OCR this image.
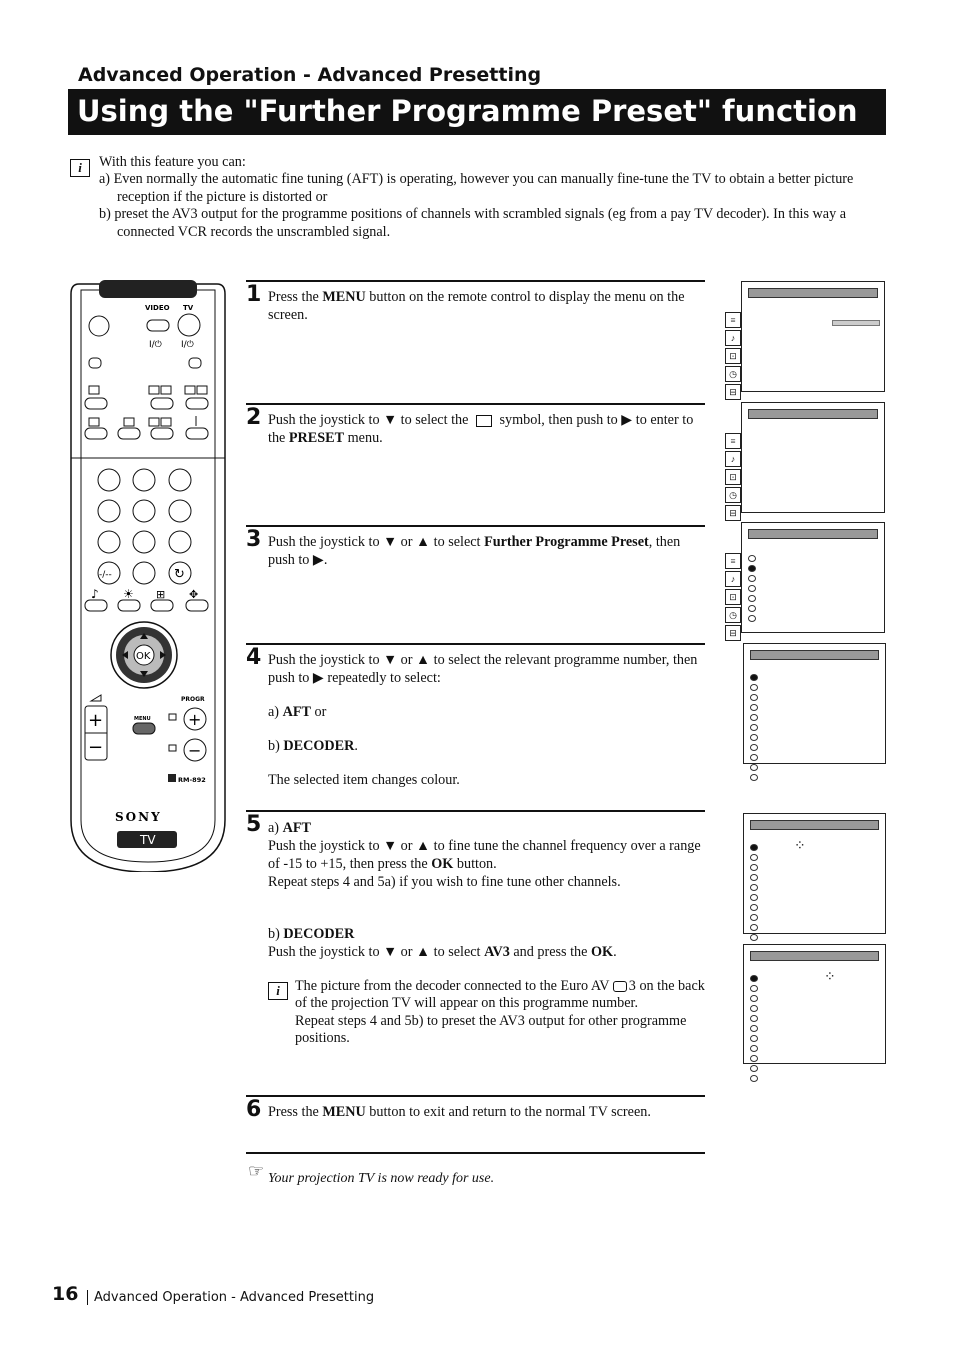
Advanced Operation - Advanced Presetting
Using the "Further Programme Preset" function
i	With this feature you can:
a) Even normally the automatic fine tuning (AFT) is operating, however you can manually fine-tune the TV to obtain a better picture reception if the picture is distorted or
b) preset the AV3 output for the programme positions of channels with scrambled signals (eg from a pay TV decoder). In this way a connected VCR records the unscrambled signal.
VIDEO TV
I/⏻ I/⏻
-/--	↻
♪ ☀ ⊞ ✥
OK
PROGR
+
−
+
−
MENU
RM-892
SONY
TV
1 Press the MENU button on the remote control to display the menu on the screen.
2 Push the joystick to ▼ to select the  symbol, then push to ▶ to enter to the PRESET menu.
3 Push the joystick to ▼ or ▲ to select Further Programme Preset, then push to ▶.
4 Push the joystick to ▼ or ▲ to select the relevant programme number, then push to ▶ repeatedly to select:

a) AFT or

b) DECODER.

The selected item changes colour.

5 a) AFT

Push the joystick to ▼ or ▲ to fine tune the channel frequency over a range of -15 to +15, then press the OK button.

Repeat steps 4 and 5a) if you wish to fine tune other channels.

b) DECODER

Push the joystick to ▼ or ▲ to select AV3 and press the OK.

i	The picture from the decoder connected to the Euro AV 3 on the back of the projection TV will appear on this programme number.

Repeat steps 4 and 5b) to preset the AV3 output for other programme positions.

6 Press the MENU button to exit and return to the normal TV screen.
☞ Your projection TV is now ready for use.
≡
♪
⊡
◷
⊟
≡
♪
⊡
◷
⊟
≡
♪
⊡
◷
⊟
⁘
⁘
16	Advanced Operation - Advanced Presetting
